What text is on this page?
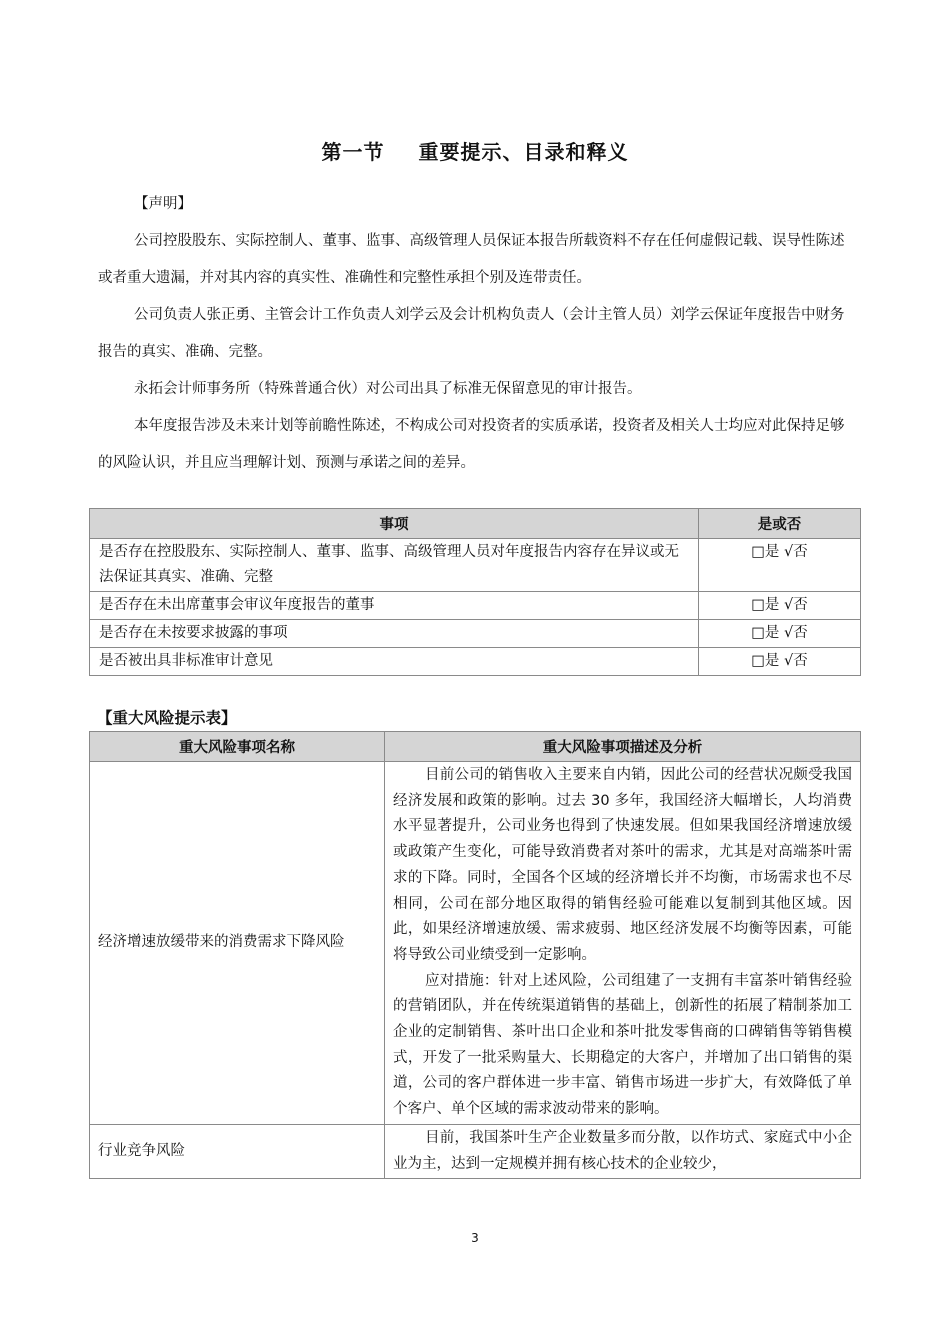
第一节 重要提示、目录和释义
【声明】
公司控股股东、实际控制人、董事、监事、高级管理人员保证本报告所载资料不存在任何虚假记载、误导性陈述或者重大遗漏，并对其内容的真实性、准确性和完整性承担个别及连带责任。
公司负责人张正勇、主管会计工作负责人刘学云及会计机构负责人（会计主管人员）刘学云保证年度报告中财务报告的真实、准确、完整。
永拓会计师事务所（特殊普通合伙）对公司出具了标准无保留意见的审计报告。
本年度报告涉及未来计划等前瞻性陈述，不构成公司对投资者的实质承诺，投资者及相关人士均应对此保持足够的风险认识，并且应当理解计划、预测与承诺之间的差异。
事项	是或否
是否存在控股股东、实际控制人、董事、监事、高级管理人员对年度报告内容存在异议或无法保证其真实、准确、完整	□是 √否
是否存在未出席董事会审议年度报告的董事	□是 √否
是否存在未按要求披露的事项	□是 √否
是否被出具非标准审计意见	□是 √否
【重大风险提示表】
重大风险事项名称	重大风险事项描述及分析
经济增速放缓带来的消费需求下降风险	目前公司的销售收入主要来自内销，因此公司的经营状况颇受我国经济发展和政策的影响。过去 30 多年，我国经济大幅增长，人均消费水平显著提升，公司业务也得到了快速发展。但如果我国经济增速放缓或政策产生变化，可能导致消费者对茶叶的需求，尤其是对高端茶叶需求的下降。同时，全国各个区域的经济增长并不均衡，市场需求也不尽相同，公司在部分地区取得的销售经验可能难以复制到其他区域。因此，如果经济增速放缓、需求疲弱、地区经济发展不均衡等因素，可能将导致公司业绩受到一定影响。

应对措施：针对上述风险，公司组建了一支拥有丰富茶叶销售经验的营销团队，并在传统渠道销售的基础上，创新性的拓展了精制茶加工企业的定制销售、茶叶出口企业和茶叶批发零售商的口碑销售等销售模式，开发了一批采购量大、长期稳定的大客户，并增加了出口销售的渠道，公司的客户群体进一步丰富、销售市场进一步扩大，有效降低了单个客户、单个区域的需求波动带来的影响。

行业竞争风险	目前，我国茶叶生产企业数量多而分散，以作坊式、家庭式中小企业为主，达到一定规模并拥有核心技术的企业较少，

3
